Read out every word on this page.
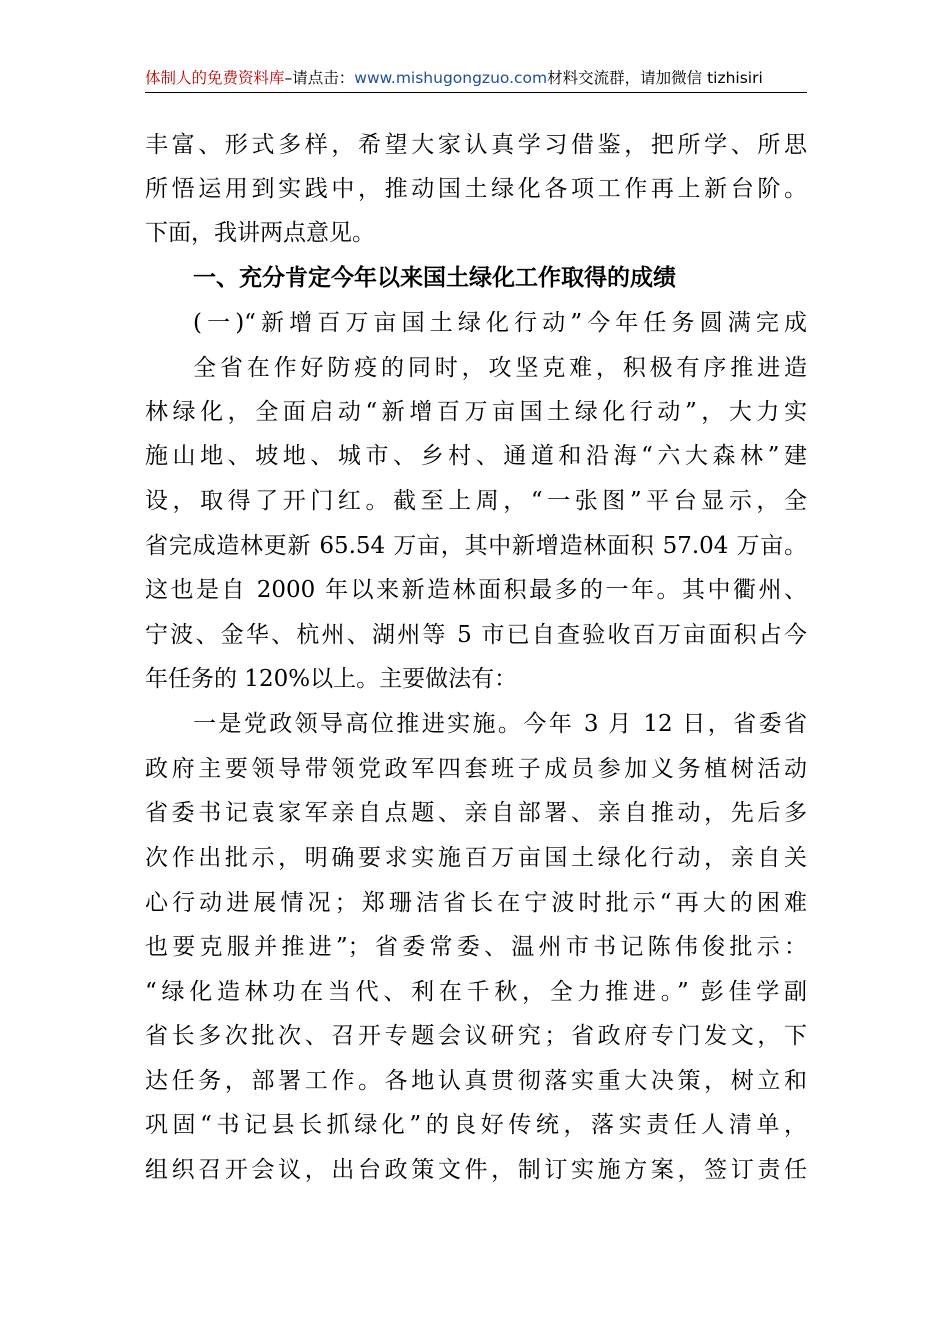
体制人的免费资料库–请点击：www.mishugongzuo.com材料交流群，请加微信 tizhisiri
丰富、形式多样，希望大家认真学习借鉴，把所学、所思
所悟运用到实践中，推动国土绿化各项工作再上新台阶。
下面，我讲两点意见。
一、充分肯定今年以来国土绿化工作取得的成绩
(一)“新增百万亩国土绿化行动”今年任务圆满完成
全省在作好防疫的同时，攻坚克难，积极有序推进造
林绿化，全面启动“新增百万亩国土绿化行动”，大力实
施山地、坡地、城市、乡村、通道和沿海“六大森林”建
设，取得了开门红。截至上周，“一张图”平台显示，全
省完成造林更新 65.54 万亩，其中新增造林面积 57.04 万亩。
这也是自 2000 年以来新造林面积最多的一年。其中衢州、
宁波、金华、杭州、湖州等 5 市已自查验收百万亩面积占今
年任务的 120%以上。主要做法有：
一是党政领导高位推进实施。今年 3 月 12 日，省委省
政府主要领导带领党政军四套班子成员参加义务植树活动
省委书记袁家军亲自点题、亲自部署、亲自推动，先后多
次作出批示，明确要求实施百万亩国土绿化行动，亲自关
心行动进展情况；郑珊洁省长在宁波时批示“再大的困难
也要克服并推进”；省委常委、温州市书记陈伟俊批示：
“绿化造林功在当代、利在千秋，全力推进。” 彭佳学副
省长多次批次、召开专题会议研究；省政府专门发文，下
达任务，部署工作。各地认真贯彻落实重大决策，树立和
巩固“书记县长抓绿化”的良好传统，落实责任人清单，
组织召开会议，出台政策文件，制订实施方案，签订责任
